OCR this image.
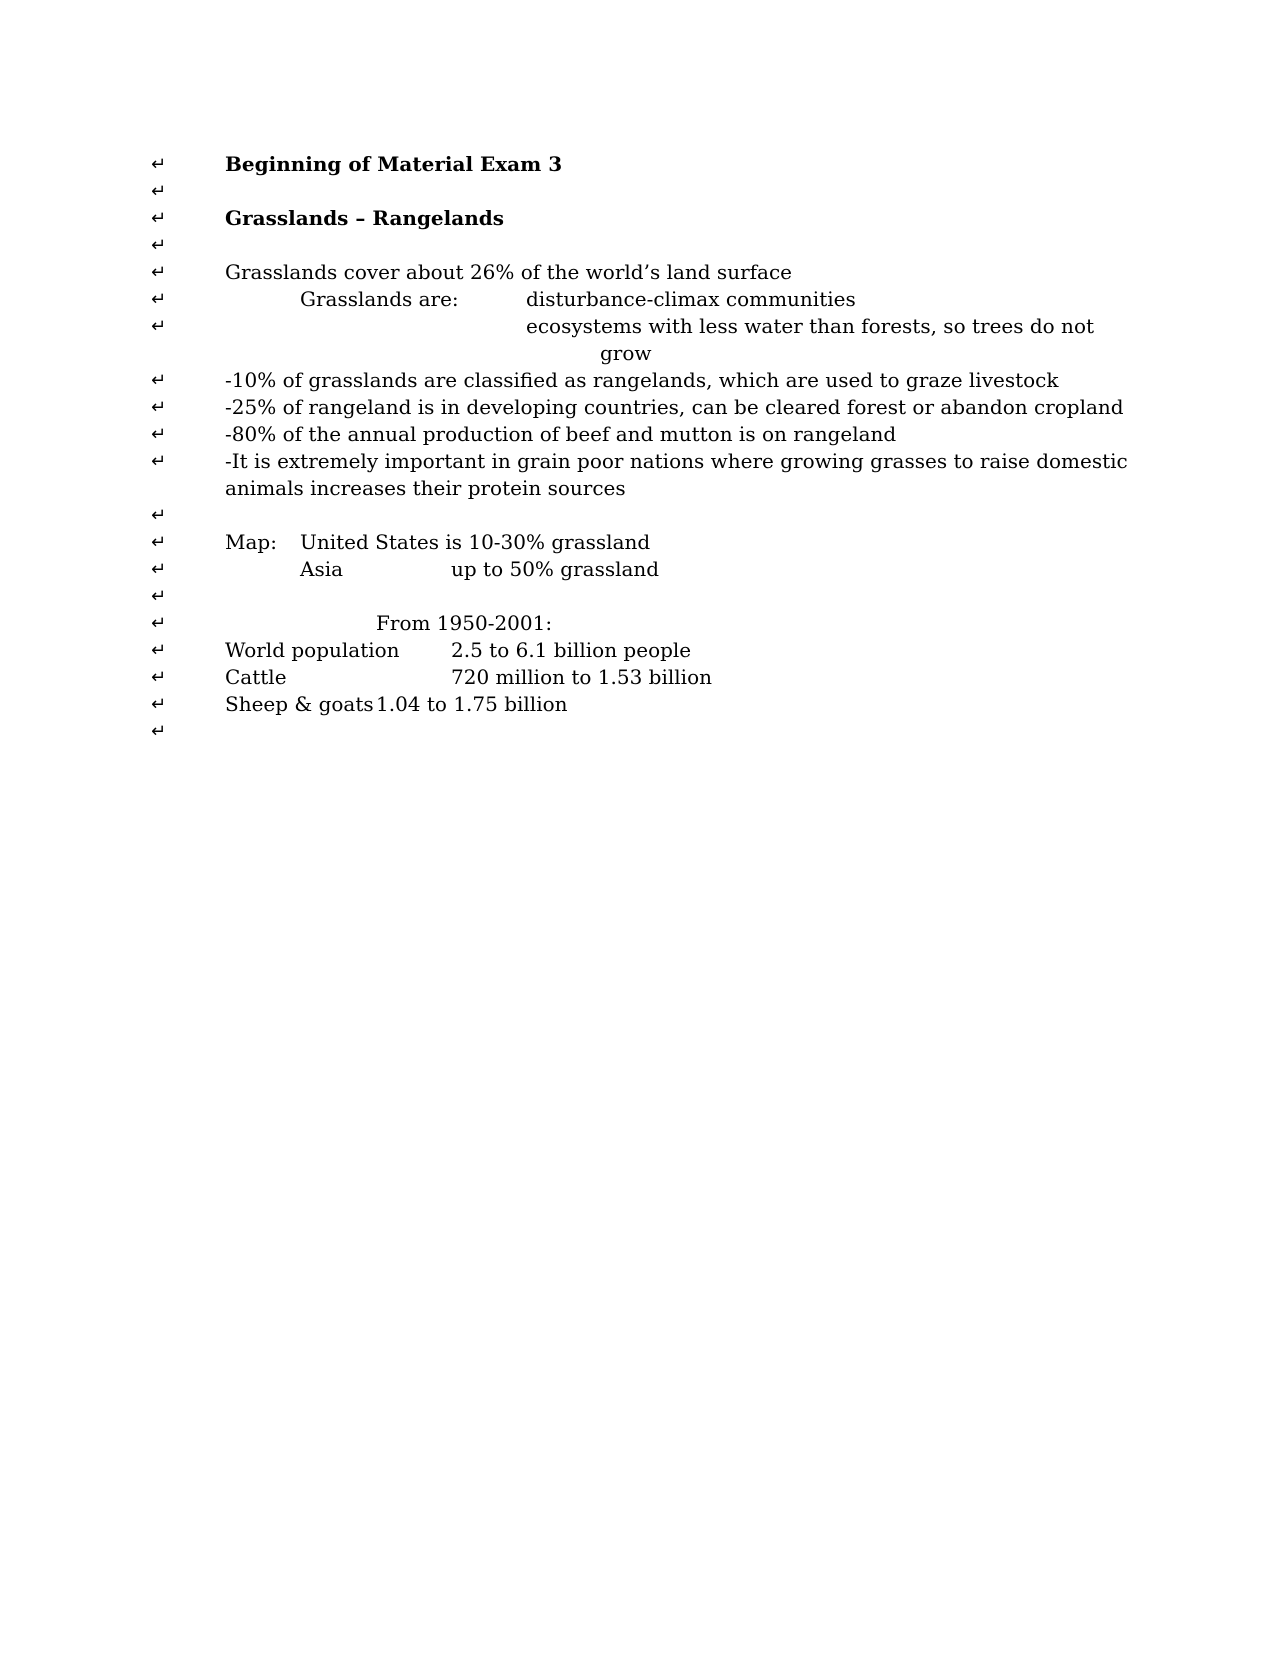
↵	Beginning of Material Exam 3
↵
↵	Grasslands – Rangelands
↵
↵	Grasslands cover about 26% of the world’s land surface
↵	Grasslands are:	disturbance-climax communities
↵	ecosystems with less water than forests, so trees do not
grow
↵	-10% of grasslands are classified as rangelands, which are used to graze livestock
↵	-25% of rangeland is in developing countries, can be cleared forest or abandon cropland
↵	-80% of the annual production of beef and mutton is on rangeland
↵	-It is extremely important in grain poor nations where growing grasses to raise domestic
animals increases their protein sources
↵
↵	Map: United States is 10-30% grassland
↵	Asia	up to 50% grassland
↵
↵	From 1950-2001:
↵	World population	2.5 to 6.1 billion people
↵	Cattle	720 million to 1.53 billion
↵	Sheep & goats 1.04 to 1.75 billion
↵
